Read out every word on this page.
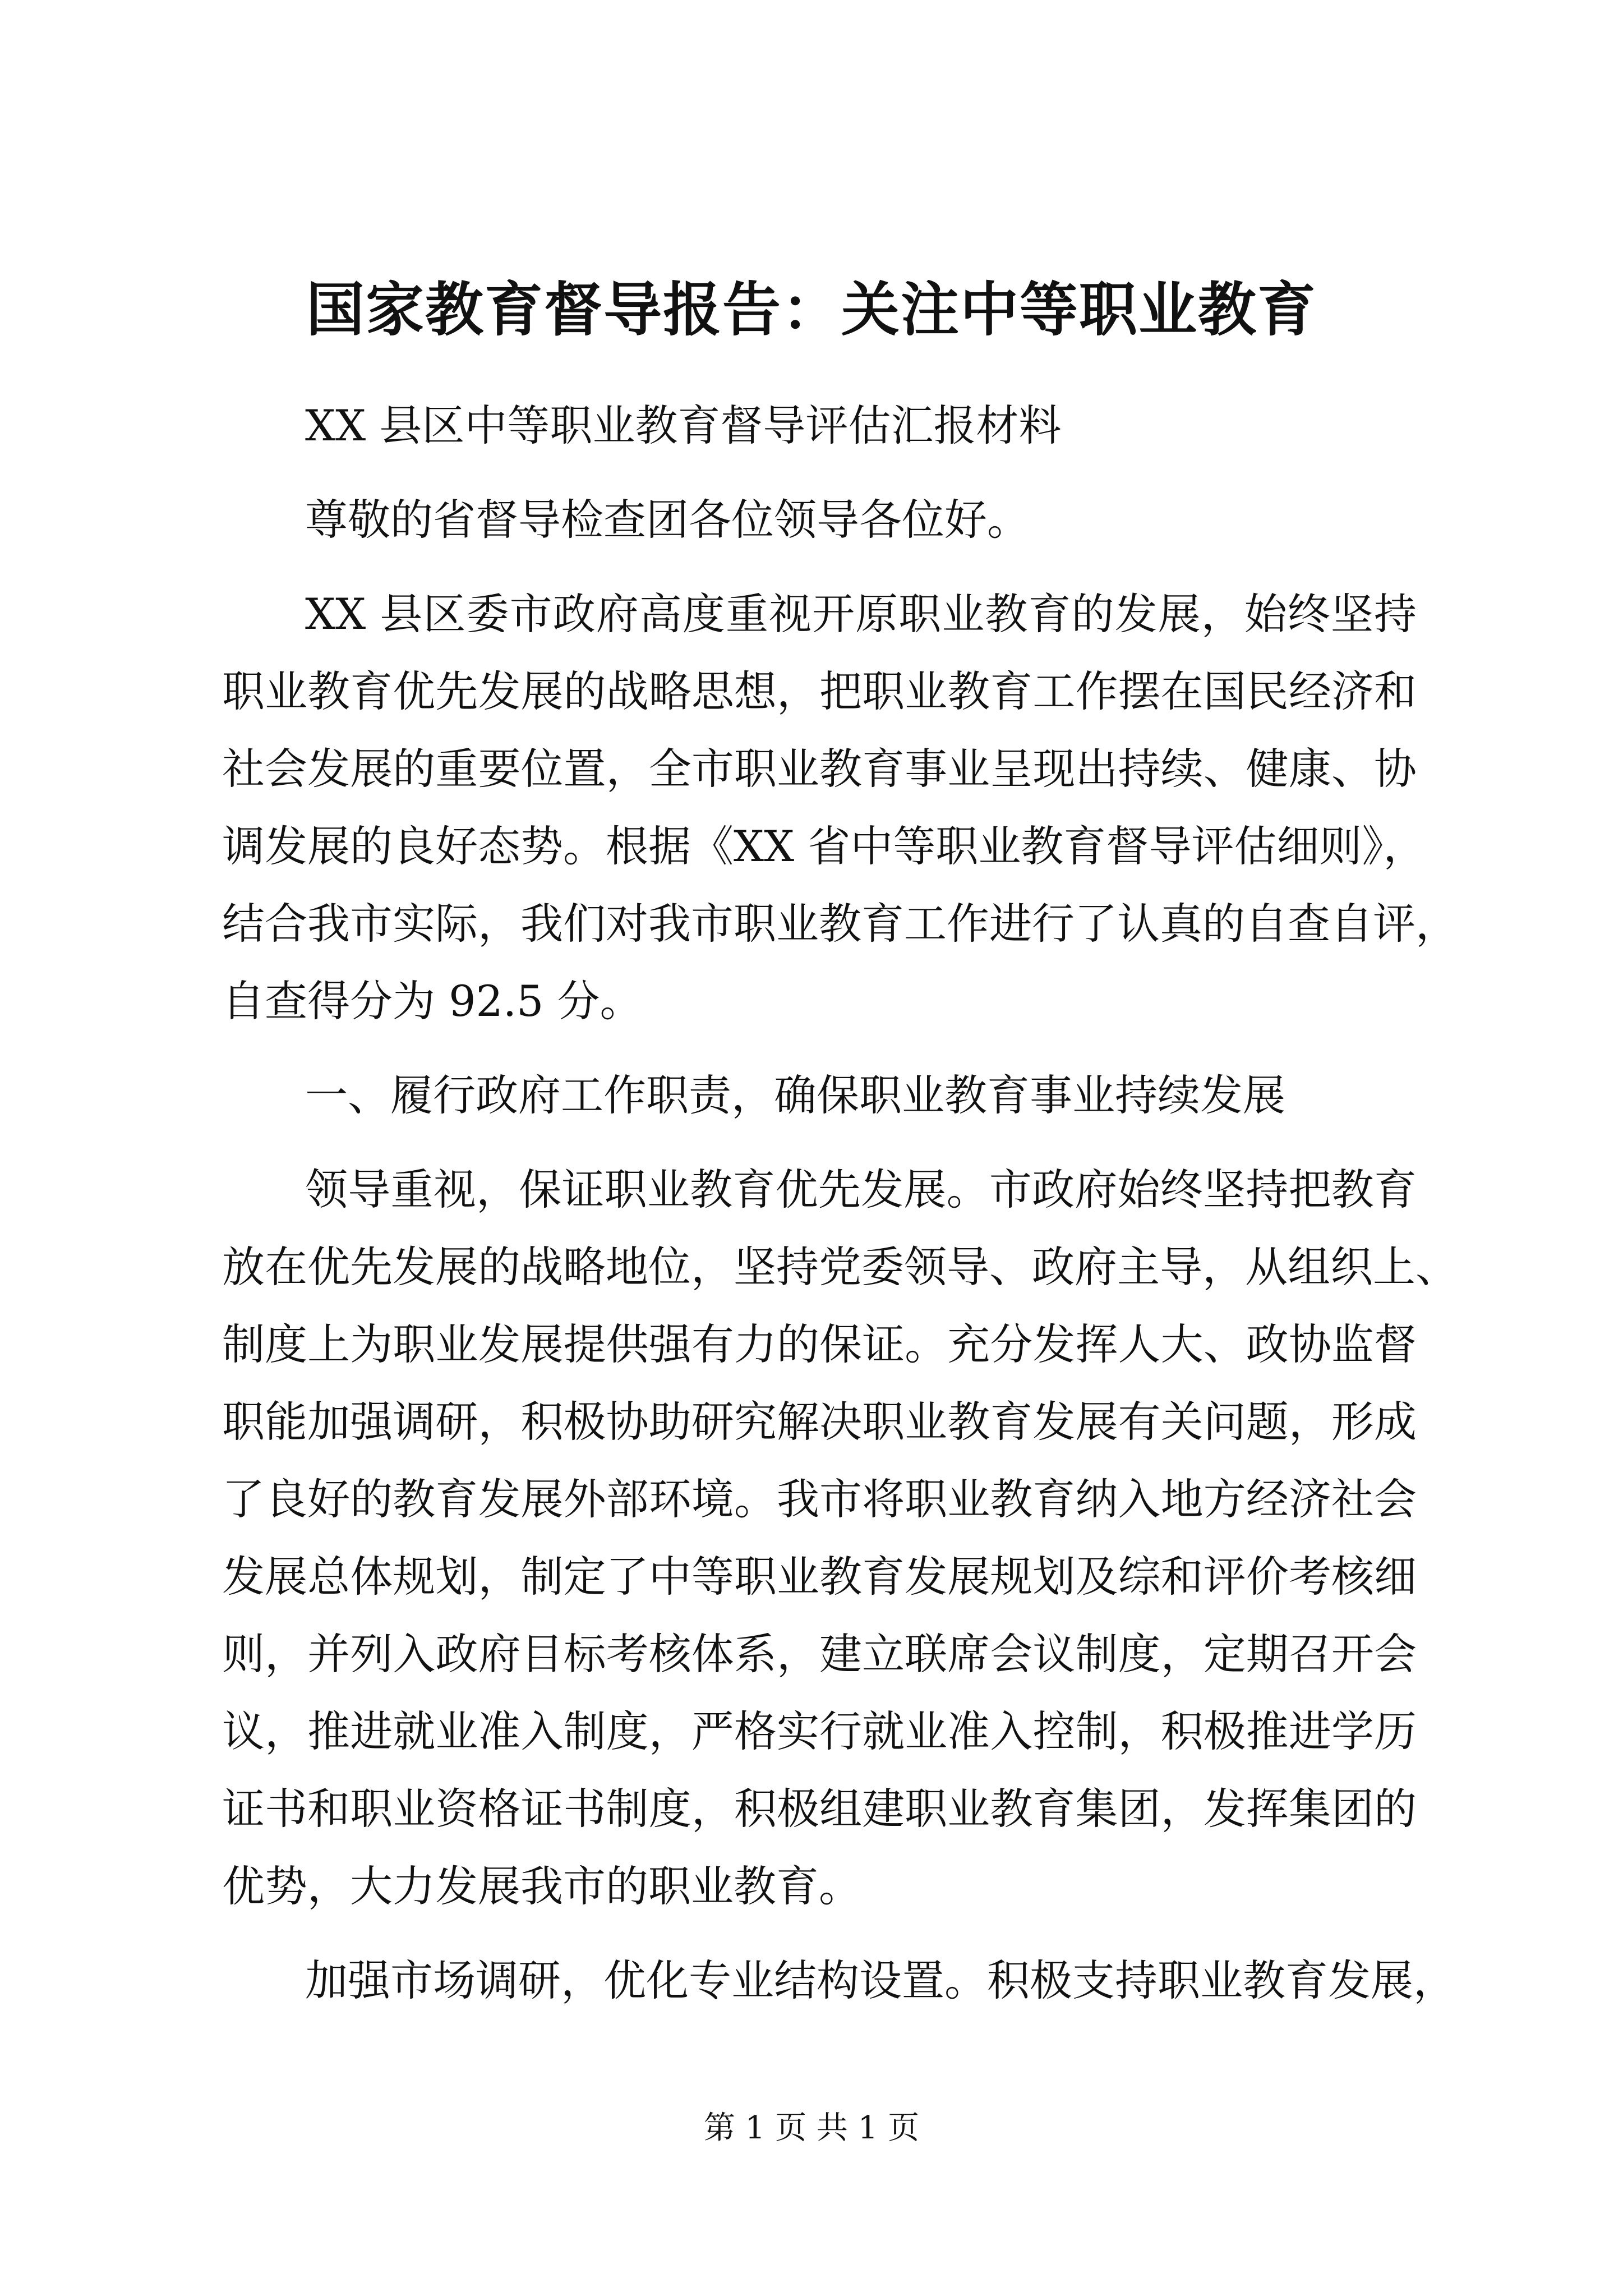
国家教育督导报告：关注中等职业教育
XX 县区中等职业教育督导评估汇报材料
尊敬的省督导检查团各位领导各位好。
XX 县区委市政府高度重视开原职业教育的发展，始终坚持
职业教育优先发展的战略思想，把职业教育工作摆在国民经济和
社会发展的重要位置，全市职业教育事业呈现出持续、健康、协
调发展的良好态势。根据《XX 省中等职业教育督导评估细则》，
结合我市实际，我们对我市职业教育工作进行了认真的自查自评，
自查得分为 92.5 分。
一、履行政府工作职责，确保职业教育事业持续发展
领导重视，保证职业教育优先发展。市政府始终坚持把教育
放在优先发展的战略地位，坚持党委领导、政府主导，从组织上、
制度上为职业发展提供强有力的保证。充分发挥人大、政协监督
职能加强调研，积极协助研究解决职业教育发展有关问题，形成
了良好的教育发展外部环境。我市将职业教育纳入地方经济社会
发展总体规划，制定了中等职业教育发展规划及综和评价考核细
则，并列入政府目标考核体系，建立联席会议制度，定期召开会
议，推进就业准入制度，严格实行就业准入控制，积极推进学历
证书和职业资格证书制度，积极组建职业教育集团，发挥集团的
优势，大力发展我市的职业教育。
加强市场调研，优化专业结构设置。积极支持职业教育发展，
第 1 页 共 1 页
